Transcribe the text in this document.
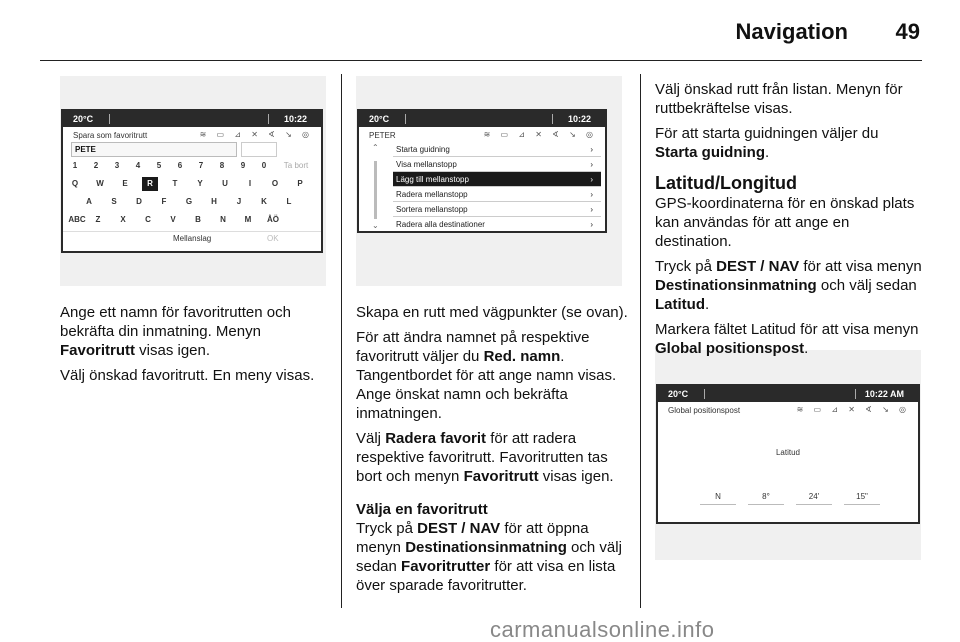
Navigation 49
20°C	10:22
Spara som favoritrutt	≋ ▭ ⊿ ✕ ∢ ↘ ◎
PETE
1	2	3	4	5	6	7	8	9	0	Ta bort
Q	W	E	R	T	Y	U	I	O	P
A	S	D	F	G	H	J	K	L
ABC	Z	X	C	V	B	N	M	ÅÖ
Mellanslag	OK
20°C	10:22
PETER	≋ ▭ ⊿ ✕ ∢ ↘ ◎
⌃
⌄
Starta guidning	›
Visa mellanstopp	›
Lägg till mellanstopp	›
Radera mellanstopp	›
Sortera mellanstopp	›
Radera alla destinationer	›
20°C	10:22 AM
Global positionspost	≋ ▭ ⊿ ✕ ∢ ↘ ◎
Latitud
N	8°	24'	15"

Ange ett namn för favoritrutten och bekräfta din inmatning. Menyn Favoritrutt visas igen.

Välj önskad favoritrutt. En meny visas.

Skapa en rutt med vägpunkter (se ovan).

För att ändra namnet på respektive favoritrutt väljer du Red. namn. Tangentbordet för att ange namn visas. Ange önskat namn och bekräfta inmatningen.

Välj Radera favorit för att radera respektive favoritrutt. Favoritrutten tas bort och menyn Favoritrutt visas igen.

Välja en favoritrutt

Tryck på DEST / NAV för att öppna menyn Destinationsinmatning och välj sedan Favoritrutter för att visa en lista över sparade favoritrutter.

Välj önskad rutt från listan. Menyn för ruttbekräftelse visas.

För att starta guidningen väljer du Starta guidning.

Latitud/Longitud

GPS-koordinaterna för en önskad plats kan användas för att ange en destination.

Tryck på DEST / NAV för att visa menyn Destinationsinmatning och välj sedan Latitud.

Markera fältet Latitud för att visa menyn Global positionspost.

carmanualsonline.info
